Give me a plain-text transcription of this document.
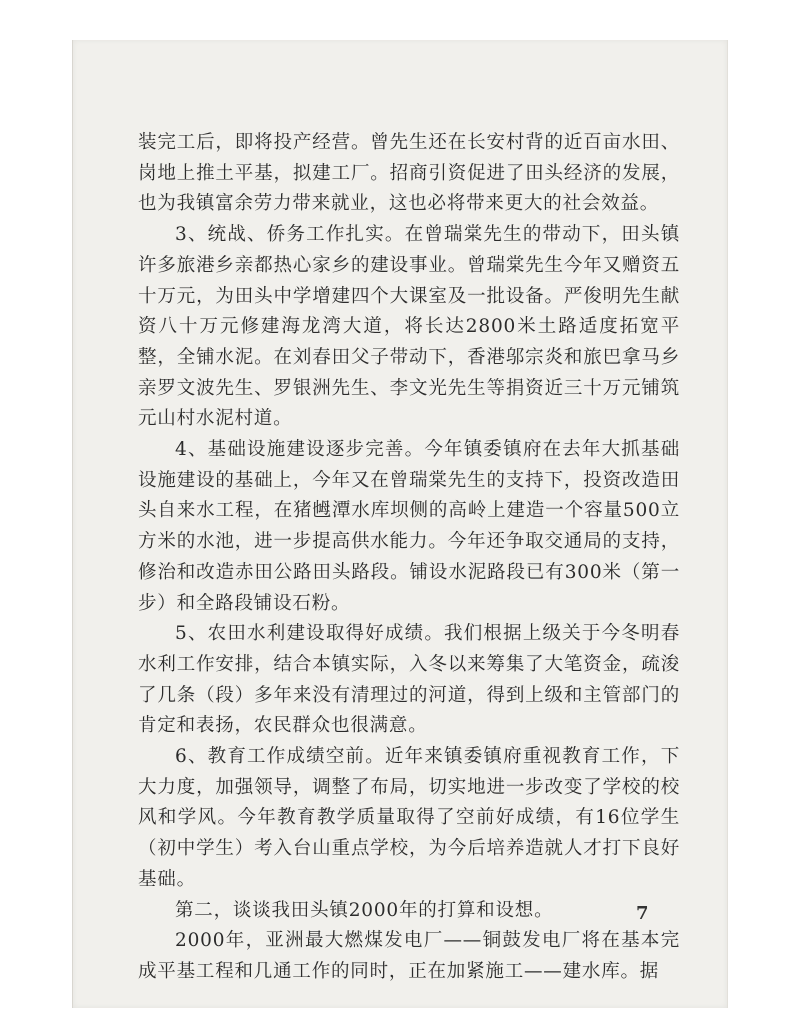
装完工后，即将投产经营。曾先生还在长安村背的近百亩水田、岗地上推土平基，拟建工厂。招商引资促进了田头经济的发展，也为我镇富余劳力带来就业，这也必将带来更大的社会效益。

3、统战、侨务工作扎实。在曾瑞棠先生的带动下，田头镇许多旅港乡亲都热心家乡的建设事业。曾瑞棠先生今年又赠资五十万元，为田头中学增建四个大课室及一批设备。严俊明先生献资八十万元修建海龙湾大道，将长达2800米土路适度拓宽平整，全铺水泥。在刘春田父子带动下，香港邬宗炎和旅巴拿马乡亲罗文波先生、罗银洲先生、李文光先生等捐资近三十万元铺筑元山村水泥村道。

4、基础设施建设逐步完善。今年镇委镇府在去年大抓基础设施建设的基础上，今年又在曾瑞棠先生的支持下，投资改造田头自来水工程，在猪乸潭水库坝侧的高岭上建造一个容量500立方米的水池，进一步提高供水能力。今年还争取交通局的支持，修治和改造赤田公路田头路段。铺设水泥路段已有300米（第一步）和全路段铺设石粉。

5、农田水利建设取得好成绩。我们根据上级关于今冬明春水利工作安排，结合本镇实际，入冬以来筹集了大笔资金，疏浚了几条（段）多年来没有清理过的河道，得到上级和主管部门的肯定和表扬，农民群众也很满意。

6、教育工作成绩空前。近年来镇委镇府重视教育工作，下大力度，加强领导，调整了布局，切实地进一步改变了学校的校风和学风。今年教育教学质量取得了空前好成绩，有16位学生（初中学生）考入台山重点学校，为今后培养造就人才打下良好基础。

第二，谈谈我田头镇2000年的打算和设想。

2000年，亚洲最大燃煤发电厂——铜鼓发电厂将在基本完成平基工程和几通工作的同时，正在加紧施工——建水库。据

7
